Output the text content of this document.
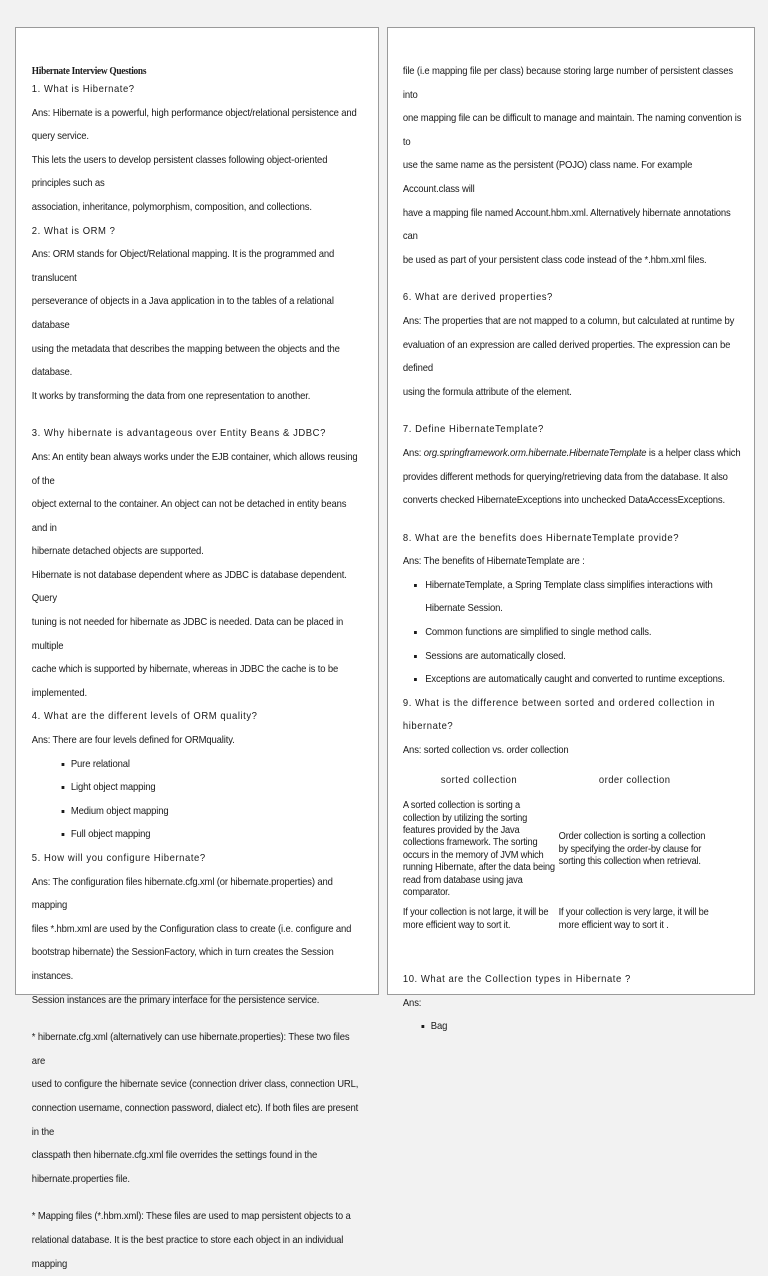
Hibernate Interview Questions
1. What is Hibernate?
Ans: Hibernate is a powerful, high performance object/relational persistence and query service.
This lets the users to develop persistent classes following object-oriented principles such as
association, inheritance, polymorphism, composition, and collections.
2. What is ORM ?
Ans: ORM stands for Object/Relational mapping. It is the programmed and translucent
perseverance of objects in a Java application in to the tables of a relational database
using the metadata that describes the mapping between the objects and the database.
It works by transforming the data from one representation to another.
3. Why hibernate is advantageous over Entity Beans & JDBC?
Ans: An entity bean always works under the EJB container, which allows reusing of the
object external to the container. An object can not be detached in entity beans and in
hibernate detached objects are supported.
Hibernate is not database dependent where as JDBC is database dependent. Query
tuning is not needed for hibernate as JDBC is needed. Data can be placed in multiple
cache which is supported by hibernate, whereas in JDBC the cache is to be
implemented.
4. What are the different levels of ORM quality?
Ans: There are four levels defined for ORMquality.
Pure relational
Light object mapping
Medium object mapping
Full object mapping
5. How will you configure Hibernate?
Ans: The configuration files hibernate.cfg.xml (or hibernate.properties) and mapping
files *.hbm.xml are used by the Configuration class to create (i.e. configure and
bootstrap hibernate) the SessionFactory, which in turn creates the Session instances.
Session instances are the primary interface for the persistence service.
* hibernate.cfg.xml (alternatively can use hibernate.properties): These two files are
used to configure the hibernate sevice (connection driver class, connection URL,
connection username, connection password, dialect etc). If both files are present in the
classpath then hibernate.cfg.xml file overrides the settings found in the
hibernate.properties file.
* Mapping files (*.hbm.xml): These files are used to map persistent objects to a
relational database. It is the best practice to store each object in an individual mapping
file (i.e mapping file per class) because storing large number of persistent classes into
one mapping file can be difficult to manage and maintain. The naming convention is to
use the same name as the persistent (POJO) class name. For example Account.class will
have a mapping file named Account.hbm.xml. Alternatively hibernate annotations can
be used as part of your persistent class code instead of the *.hbm.xml files.
6. What are derived properties?
Ans: The properties that are not mapped to a column, but calculated at runtime by
evaluation of an expression are called derived properties. The expression can be defined
using the formula attribute of the element.
7. Define HibernateTemplate?
Ans: org.springframework.orm.hibernate.HibernateTemplate is a helper class which
provides different methods for querying/retrieving data from the database. It also
converts checked HibernateExceptions into unchecked DataAccessExceptions.
8. What are the benefits does HibernateTemplate provide?
Ans: The benefits of HibernateTemplate are :
HibernateTemplate, a Spring Template class simplifies interactions with Hibernate Session.
Common functions are simplified to single method calls.
Sessions are automatically closed.
Exceptions are automatically caught and converted to runtime exceptions.
9. What is the difference between sorted and ordered collection in hibernate?
Ans: sorted collection vs. order collection
sorted collection	order collection
A sorted collection is sorting a collection by utilizing the sorting features provided by the Java collections framework. The sorting occurs in the memory of JVM which running Hibernate, after the data being read from database using java comparator.	Order collection is sorting a collection by specifying the order-by clause for sorting this collection when retrieval.
If your collection is not large, it will be more efficient way to sort it.	If your collection is very large, it will be more efficient way to sort it .
10. What are the Collection types in Hibernate ?
Ans:
Bag
